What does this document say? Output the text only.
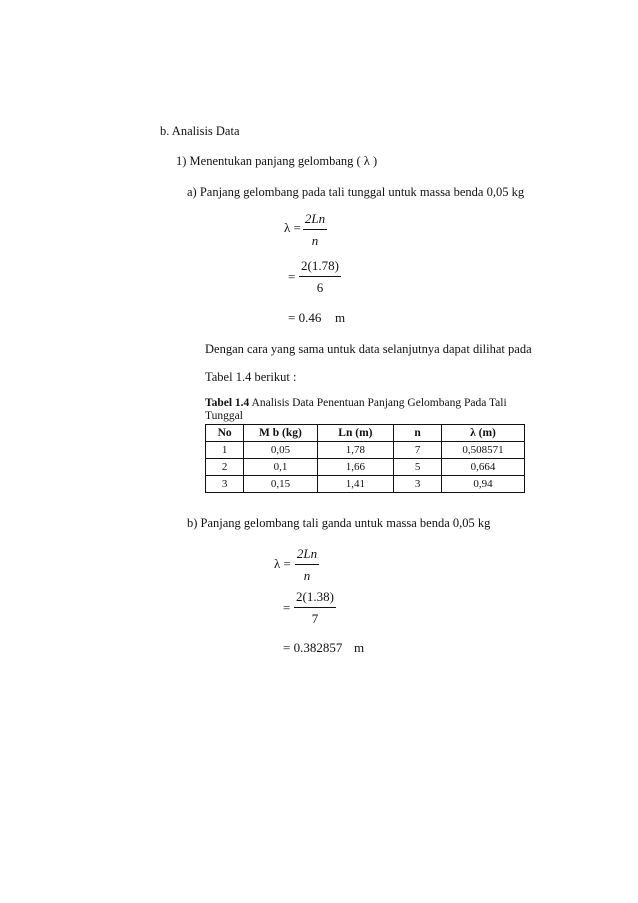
b. Analisis Data
1) Menentukan panjang gelombang ( λ )
a) Panjang gelombang pada tali tunggal untuk massa benda 0,05 kg
λ =
2Ln
n
=
2(1.78)
6
= 0.46 m
Dengan cara yang sama untuk data selanjutnya dapat dilihat pada
Tabel 1.4 berikut :
Tabel 1.4 Analisis Data Penentuan Panjang Gelombang Pada Tali Tunggal
No	M b (kg)	Ln (m)	n	λ (m)
1	0,05	1,78	7	0,508571
2	0,1	1,66	5	0,664
3	0,15	1,41	3	0,94
b) Panjang gelombang tali ganda untuk massa benda 0,05 kg
λ =
2Ln
n
=
2(1.38)
7
= 0.382857 m
